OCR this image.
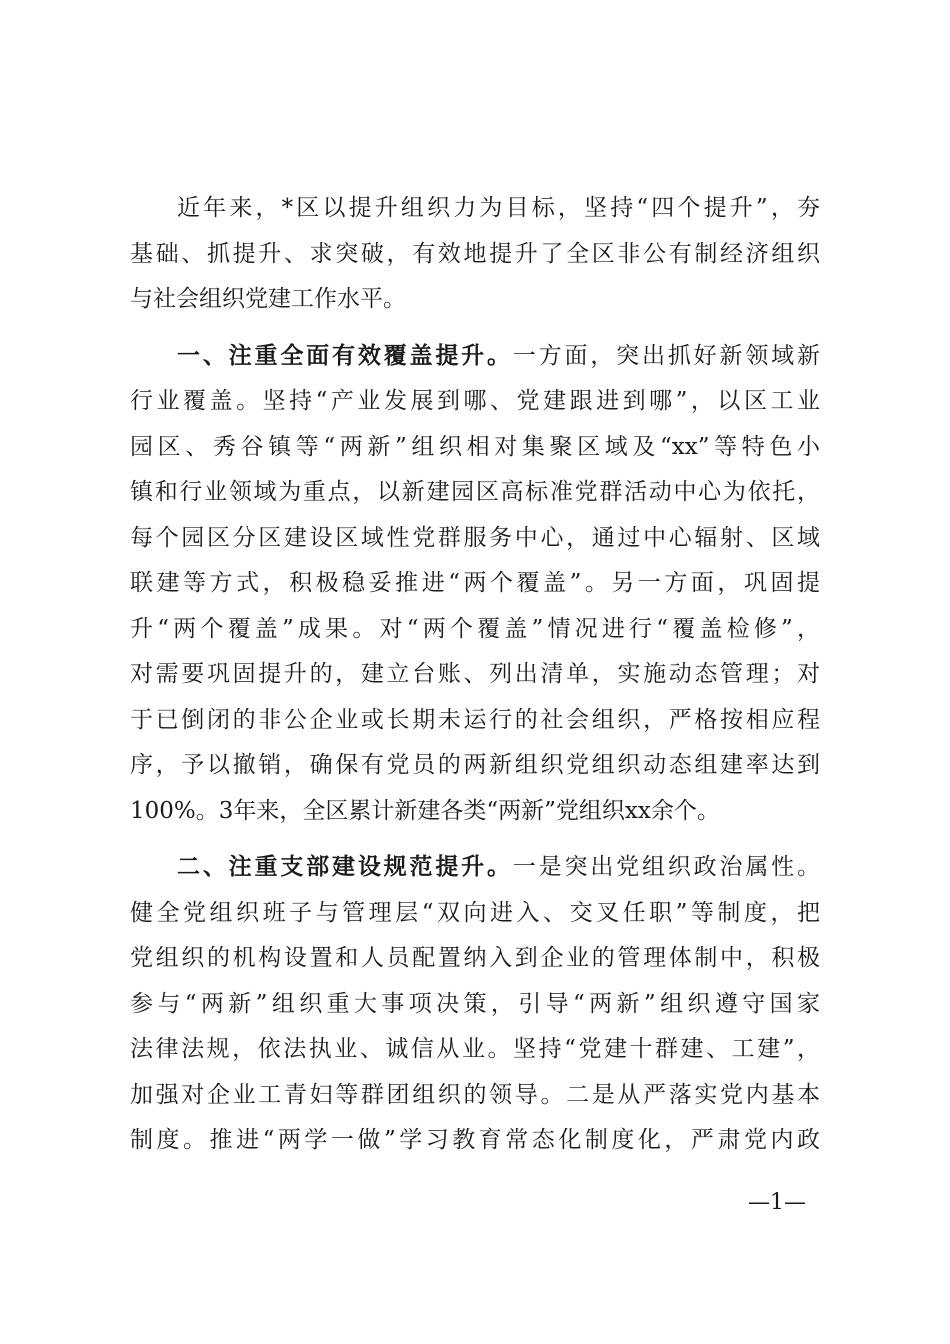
近年来，*区以提升组织力为目标，坚持“四个提升”，夯
基础、抓提升、求突破，有效地提升了全区非公有制经济组织
与社会组织党建工作水平。
一、注重全面有效覆盖提升。一方面，突出抓好新领域新
行业覆盖。坚持“产业发展到哪、党建跟进到哪”，以区工业
园区、秀谷镇等“两新”组织相对集聚区域及“xx”等特色小
镇和行业领域为重点，以新建园区高标准党群活动中心为依托，
每个园区分区建设区域性党群服务中心，通过中心辐射、区域
联建等方式，积极稳妥推进“两个覆盖”。另一方面，巩固提
升“两个覆盖”成果。对“两个覆盖”情况进行“覆盖检修”，
对需要巩固提升的，建立台账、列出清单，实施动态管理；对
于已倒闭的非公企业或长期未运行的社会组织，严格按相应程
序，予以撤销，确保有党员的两新组织党组织动态组建率达到
100%。3年来，全区累计新建各类“两新”党组织xx余个。
二、注重支部建设规范提升。一是突出党组织政治属性。
健全党组织班子与管理层“双向进入、交叉任职”等制度，把
党组织的机构设置和人员配置纳入到企业的管理体制中，积极
参与“两新”组织重大事项决策，引导“两新”组织遵守国家
法律法规，依法执业、诚信从业。坚持“党建十群建、工建”，
加强对企业工青妇等群团组织的领导。二是从严落实党内基本
制度。推进“两学一做”学习教育常态化制度化，严肃党内政
—1—
